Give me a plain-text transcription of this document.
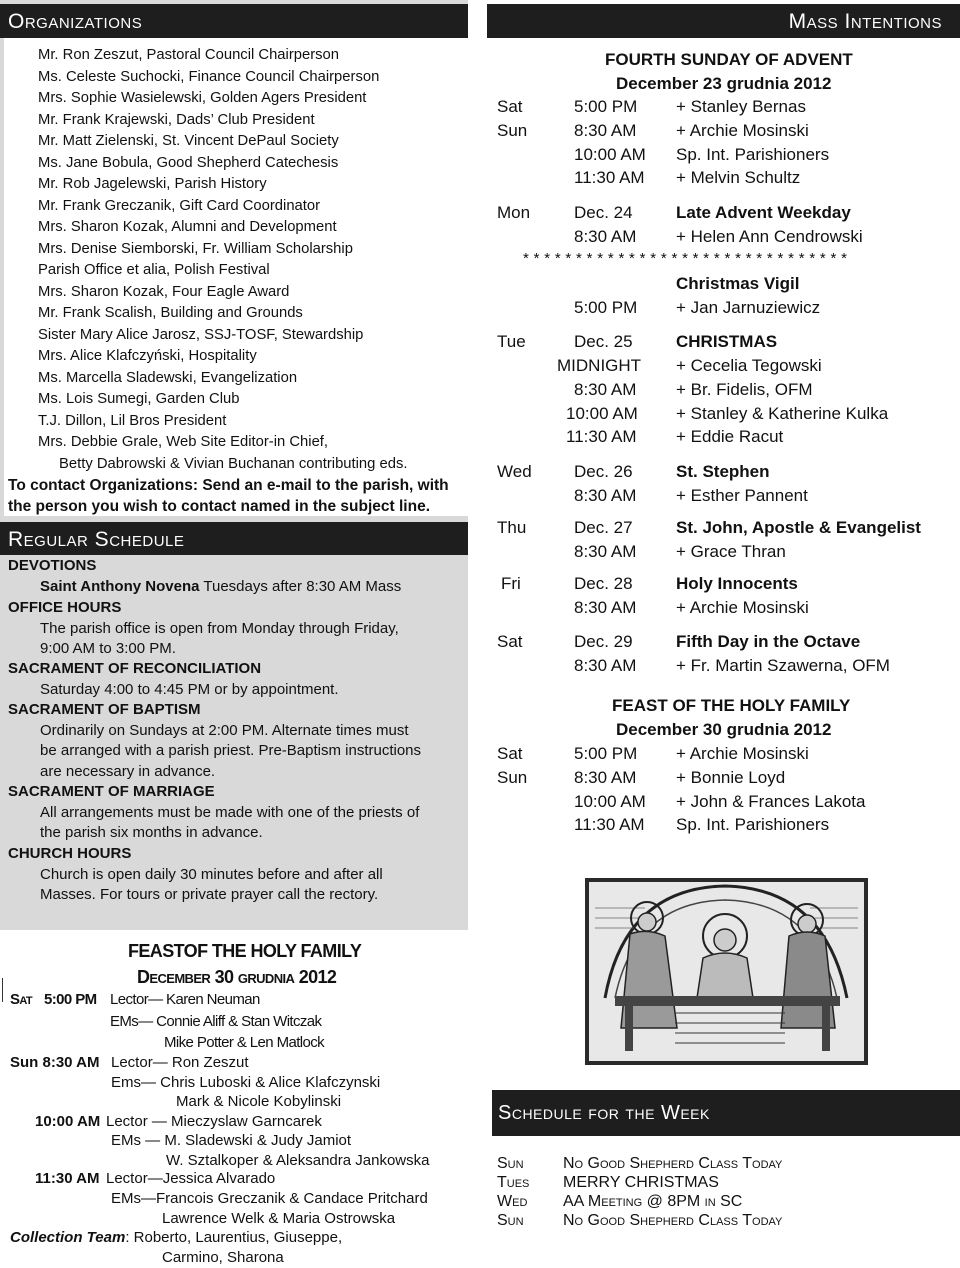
Organizations
Mr. Ron Zeszut, Pastoral Council Chairperson
Ms. Celeste Suchocki, Finance Council Chairperson
Mrs. Sophie Wasielewski, Golden Agers President
Mr. Frank Krajewski, Dads’ Club President
Mr. Matt Zielenski, St. Vincent DePaul Society
Ms. Jane Bobula, Good Shepherd Catechesis
Mr. Rob Jagelewski, Parish History
Mr. Frank Greczanik, Gift Card Coordinator
Mrs. Sharon Kozak, Alumni and Development
Mrs. Denise Siemborski, Fr. William Scholarship
Parish Office et alia, Polish Festival
Mrs. Sharon Kozak, Four Eagle Award
Mr. Frank Scalish, Building and Grounds
Sister Mary Alice Jarosz, SSJ-TOSF, Stewardship
Mrs. Alice Klafczyński, Hospitality
Ms. Marcella Sladewski, Evangelization
Ms. Lois Sumegi, Garden Club
T.J. Dillon, Lil Bros President
Mrs. Debbie Grale, Web Site Editor-in Chief,
Betty Dabrowski & Vivian Buchanan contributing eds.
To contact Organizations: Send an e-mail to the parish, with
the person you wish to contact named in the subject line.
Regular Schedule
DEVOTIONS
Saint Anthony Novena Tuesdays after 8:30 AM Mass
OFFICE HOURS
The parish office is open from Monday through Friday,
9:00 AM to 3:00 PM.
SACRAMENT OF RECONCILIATION
Saturday 4:00 to 4:45 PM or by appointment.
SACRAMENT OF BAPTISM
Ordinarily on Sundays at 2:00 PM. Alternate times must
be arranged with a parish priest. Pre-Baptism instructions
are necessary in advance.
SACRAMENT OF MARRIAGE
All arrangements must be made with one of the priests of
the parish six months in advance.
CHURCH HOURS
Church is open daily 30 minutes before and after all
Masses. For tours or private prayer call the rectory.
FEASTOF THE HOLY FAMILY
December 30 grudnia 2012
Sat 5:00 PM Lector— Karen Neuman
EMs— Connie Aliff & Stan Witczak
Mike Potter & Len Matlock
Sun 8:30 AM Lector— Ron Zeszut
Ems— Chris Luboski & Alice Klafczynski
Mark & Nicole Kobylinski
10:00 AM Lector — Mieczyslaw Garncarek
EMs — M. Sladewski & Judy Jamiot
W. Sztalkoper & Aleksandra Jankowska
11:30 AM Lector—Jessica Alvarado
EMs—Francois Greczanik & Candace Pritchard
Lawrence Welk & Maria Ostrowska
Collection Team: Roberto, Laurentius, Giuseppe,
Carmino, Sharona
Mass Intentions
FOURTH SUNDAY OF ADVENT
December 23 grudnia 2012
Sat	5:00 PM + Stanley Bernas
Sun	8:30 AM + Archie Mosinski
10:00 AM Sp. Int. Parishioners
11:30 AM + Melvin Schultz
Mon	Dec. 24	Late Advent Weekday
8:30 AM + Helen Ann Cendrowski
* * * * * * * * * * * * * * * * * * * * * * * * * * * * * * *
Christmas Vigil
5:00 PM + Jan Jarnuziewicz
Tue	Dec. 25	CHRISTMAS
MIDNIGHT + Cecelia Tegowski
8:30 AM + Br. Fidelis, OFM
10:00 AM + Stanley & Katherine Kulka
11:30 AM + Eddie Racut
Wed Dec. 26	St. Stephen
8:30 AM + Esther Pannent
Thu	Dec. 27	St. John, Apostle & Evangelist
8:30 AM + Grace Thran
Fri	Dec. 28	Holy Innocents
8:30 AM + Archie Mosinski
Sat	Dec. 29	Fifth Day in the Octave
8:30 AM + Fr. Martin Szawerna, OFM
FEAST OF THE HOLY FAMILY
December 30 grudnia 2012
Sat	5:00 PM + Archie Mosinski
Sun	8:30 AM + Bonnie Loyd
10:00 AM + John & Frances Lakota
11:30 AM Sp. Int. Parishioners
Schedule for the Week
Sun No Good Shepherd Class Today
Tues MERRY CHRISTMAS
Wed AA Meeting @ 8PM in SC
Sun No Good Shepherd Class Today
